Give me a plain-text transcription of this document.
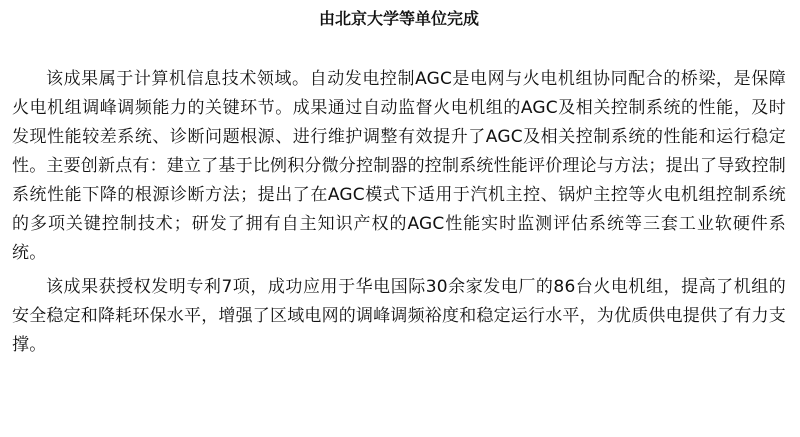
由北京大学等单位完成

该成果属于计算机信息技术领域。自动发电控制AGC是电网与火电机组协同配合的桥梁，是保障火电机组调峰调频能力的关键环节。成果通过自动监督火电机组的AGC及相关控制系统的性能，及时发现性能较差系统、诊断问题根源、进行维护调整有效提升了AGC及相关控制系统的性能和运行稳定性。主要创新点有：建立了基于比例积分微分控制器的控制系统性能评价理论与方法；提出了导致控制系统性能下降的根源诊断方法；提出了在AGC模式下适用于汽机主控、锅炉主控等火电机组控制系统的多项关键控制技术；研发了拥有自主知识产权的AGC性能实时监测评估系统等三套工业软硬件系统。

该成果获授权发明专利7项，成功应用于华电国际30余家发电厂的86台火电机组，提高了机组的安全稳定和降耗环保水平，增强了区域电网的调峰调频裕度和稳定运行水平，为优质供电提供了有力支撑。
